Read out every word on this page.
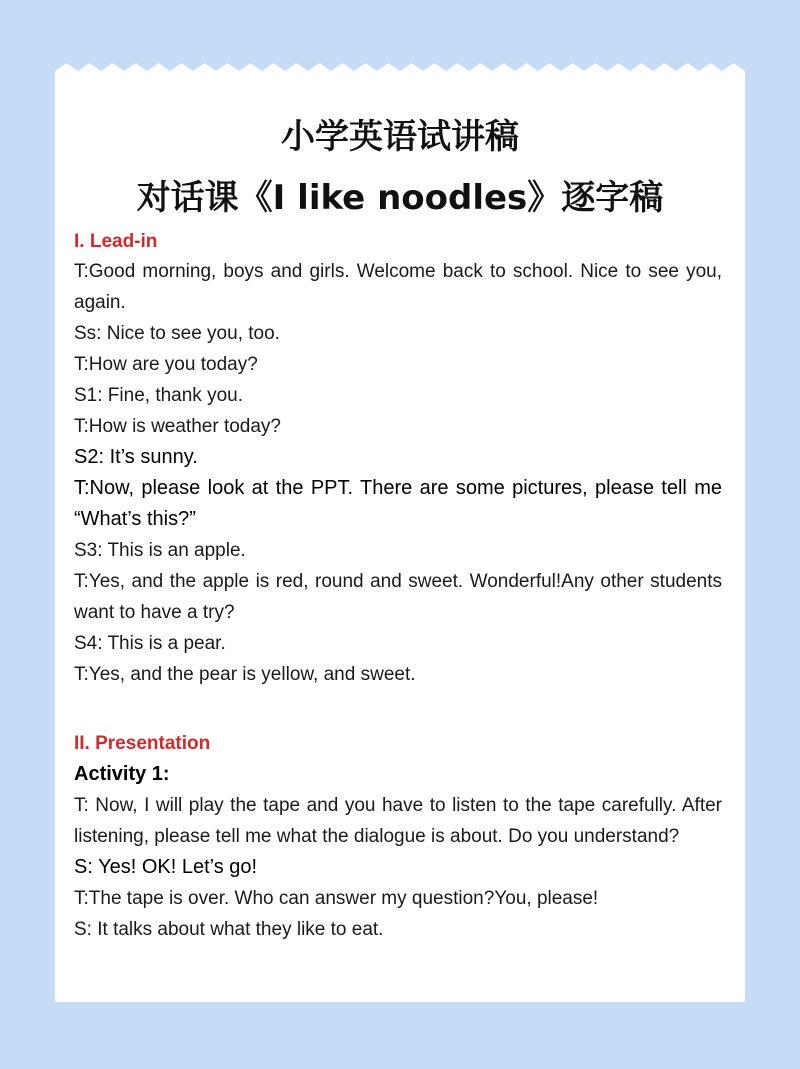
小学英语试讲稿
对话课《I like noodles》逐字稿
I. Lead-in
T:Good morning, boys and girls. Welcome back to school. Nice to see you, again.
Ss: Nice to see you, too.
T:How are you today?
S1: Fine, thank you.
T:How is weather today?
S2: It’s sunny.
T:Now, please look at the PPT. There are some pictures, please tell me “What’s this?”
S3: This is an apple.
T:Yes, and the apple is red, round and sweet. Wonderful!Any other students want to have a try?
S4: This is a pear.
T:Yes, and the pear is yellow, and sweet.
II. Presentation
Activity 1:
T: Now, I will play the tape and you have to listen to the tape carefully. After listening, please tell me what the dialogue is about. Do you understand?
S: Yes! OK! Let’s go!
T:The tape is over. Who can answer my question?You, please!
S: It talks about what they like to eat.
